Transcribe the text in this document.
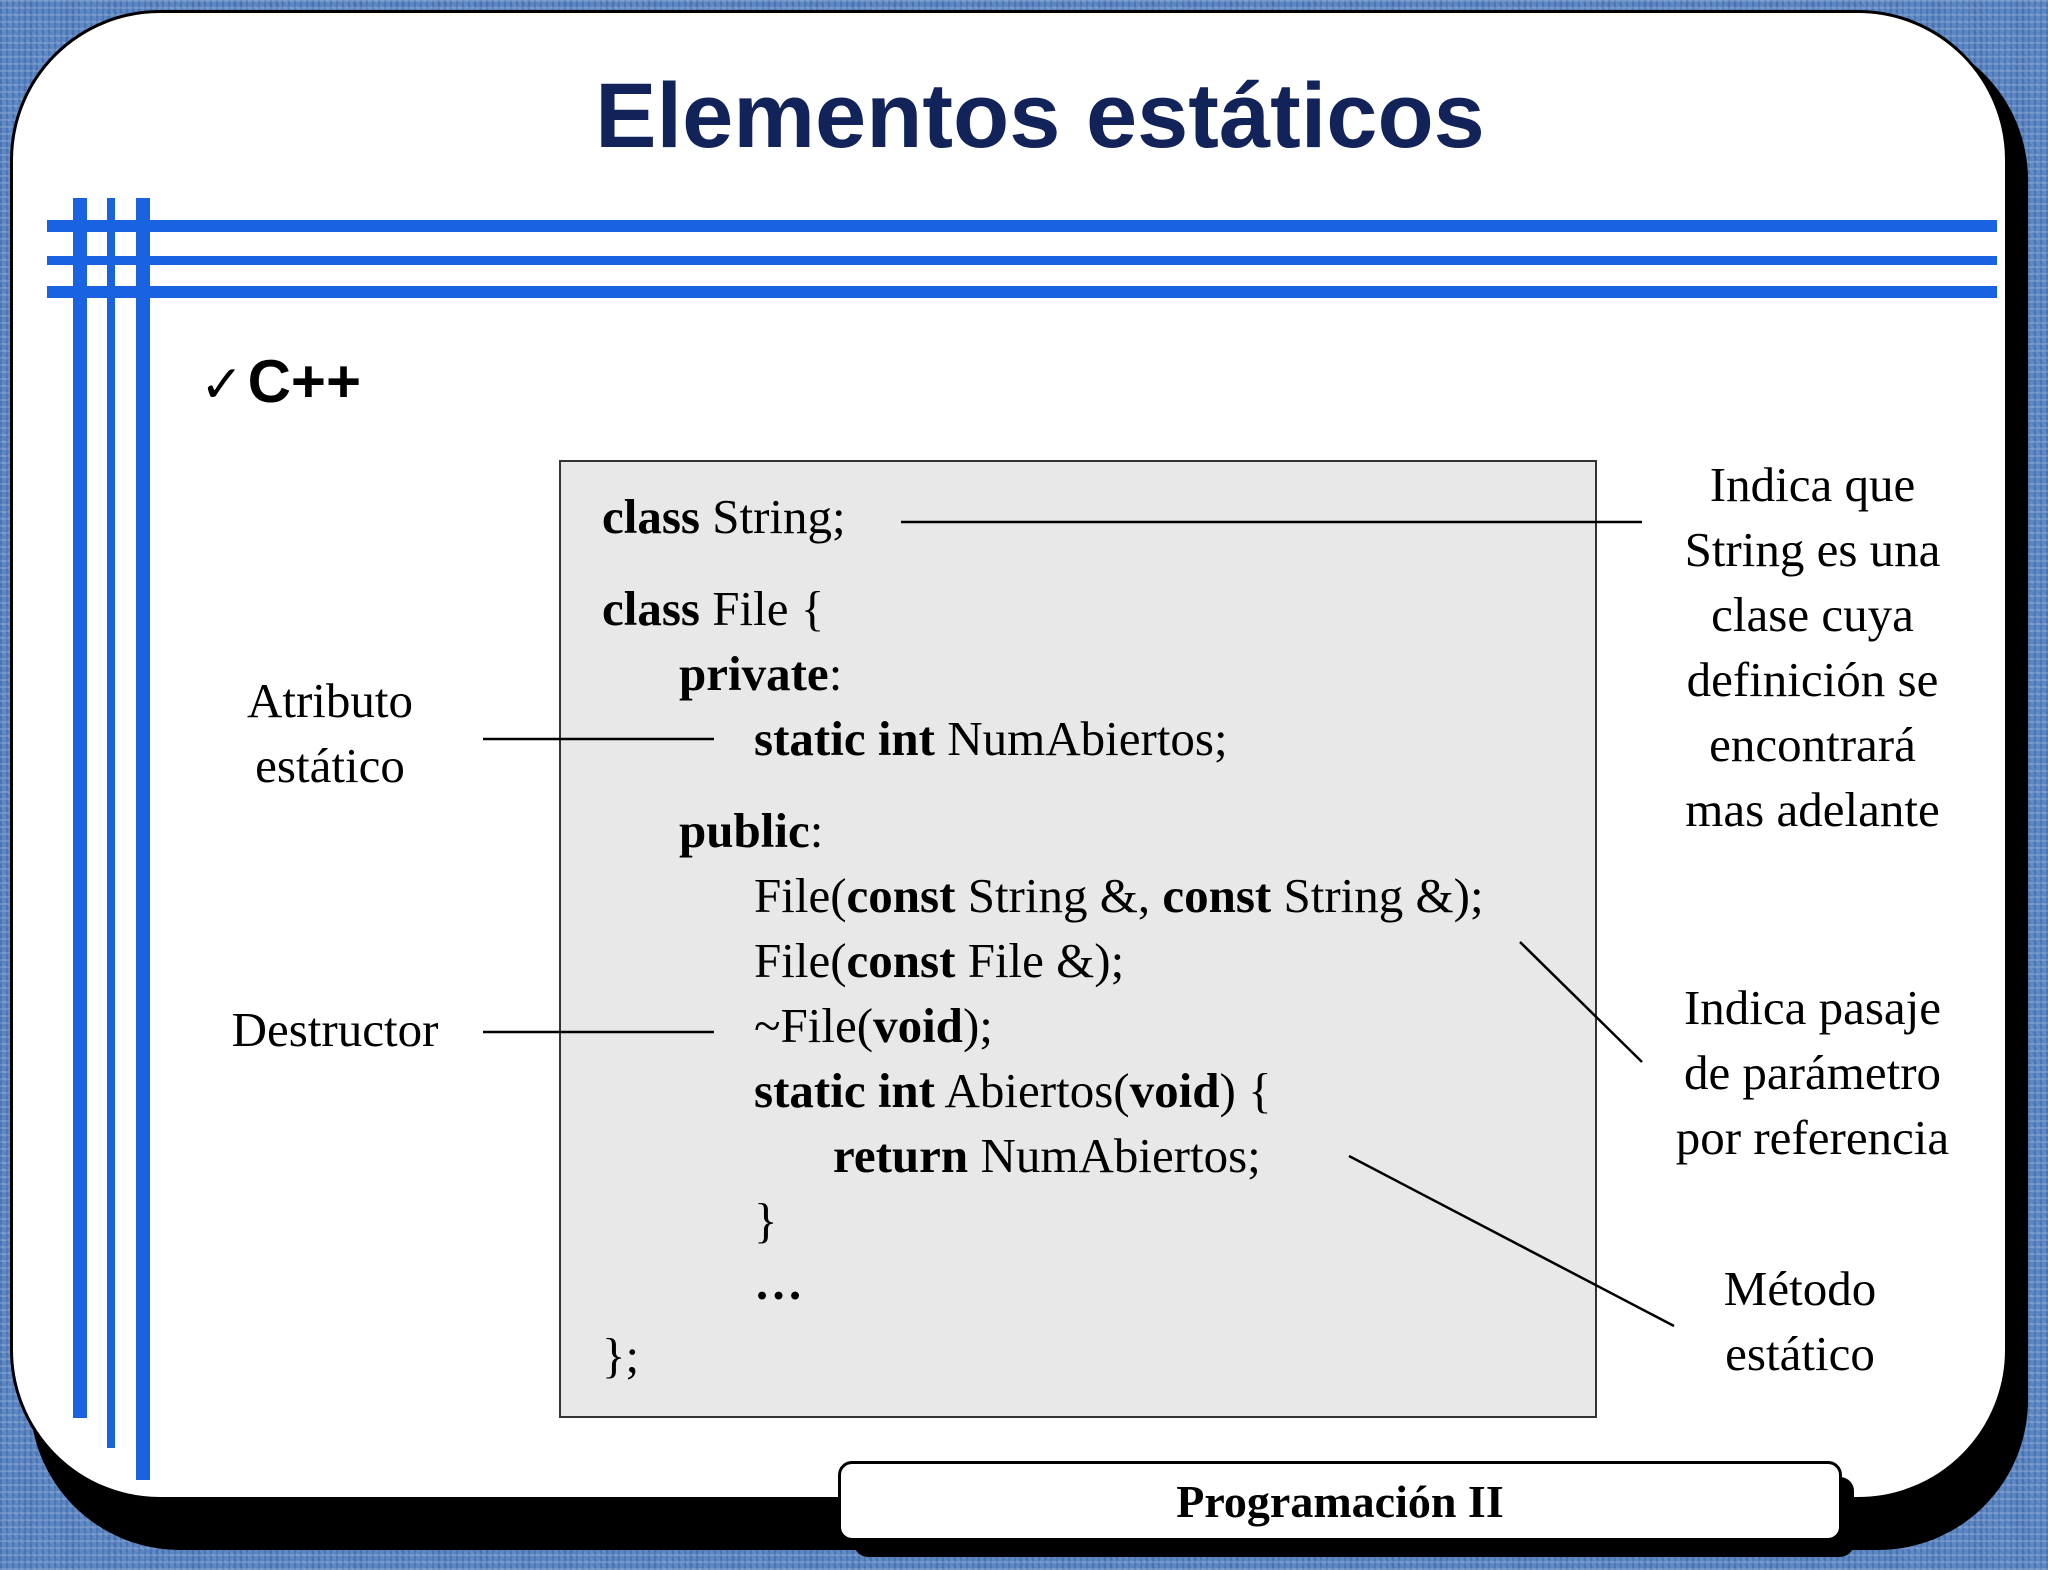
Elementos estáticos
✓C++
class String;
class File {
private:
static int NumAbiertos;
public:
File(const String &, const String &);
File(const File &);
~File(void);
static int Abiertos(void) {
return NumAbiertos;
}
…
};
Atributo
estático
Destructor
Indica que
String es una
clase cuya
definición se
encontrará
mas adelante
Indica pasaje
de parámetro
por referencia
Método
estático
Programación II
